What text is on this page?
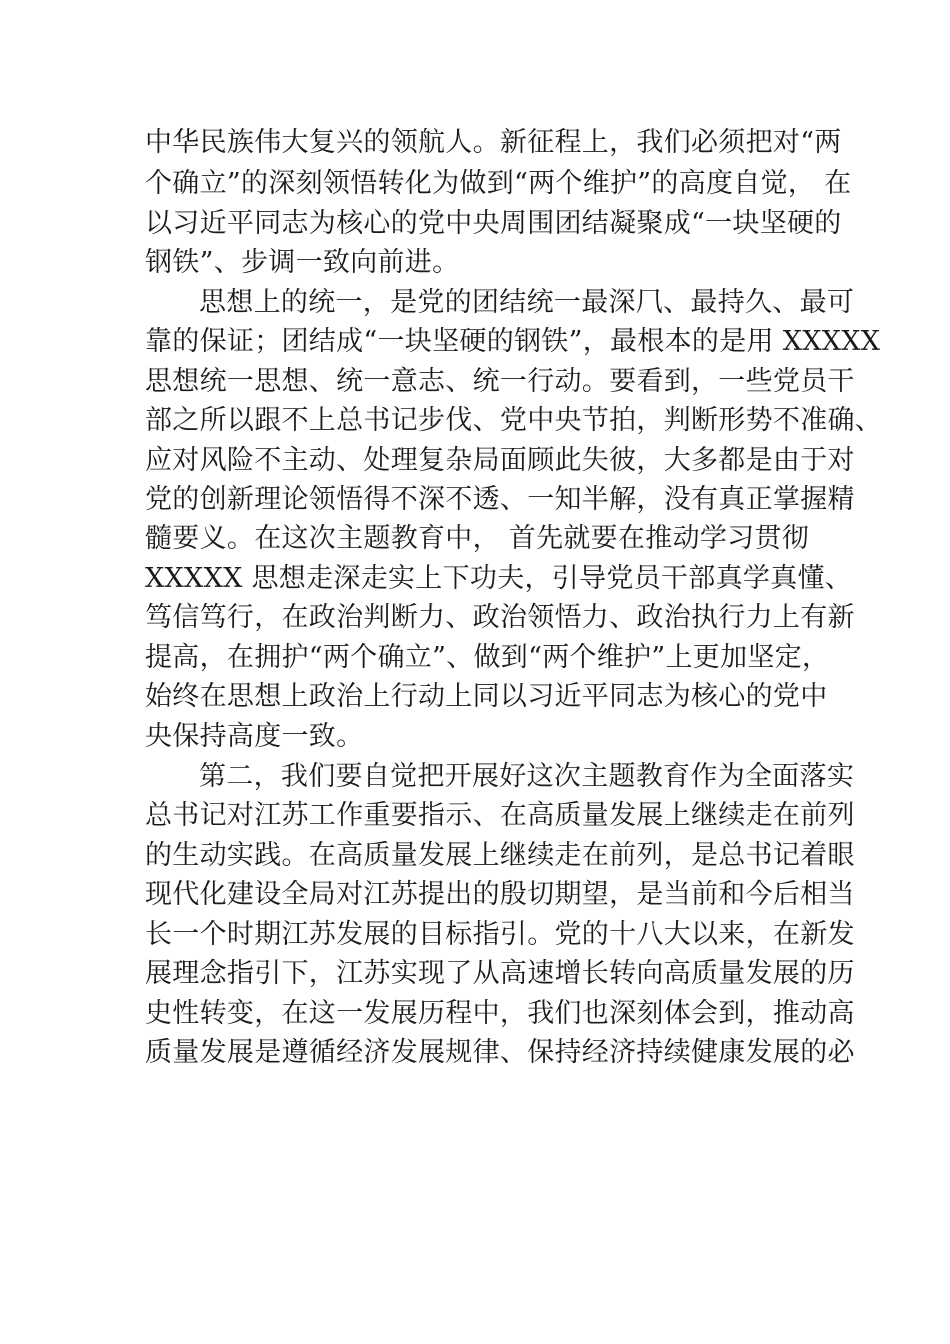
中华民族伟大复兴的领航人。新征程上，我们必须把对“两
个确立”的深刻领悟转化为做到“两个维护”的高度自觉， 在
以习近平同志为核心的党中央周围团结凝聚成“一块坚硬的
钢铁”、步调一致向前进。
思想上的统一，是党的团结统一最深⺇、最持久、最可
靠的保证；团结成“一块坚硬的钢铁”，最根本的是用 XXXXX
思想统一思想、统一意志、统一行动。要看到，一些党员干
部之所以跟不上总书记步伐、党中央节拍，判断形势不准确、
应对风险不主动、处理复杂局面顾此失彼，大多都是由于对
党的创新理论领悟得不深不透、一知半解，没有真正掌握精
髓要义。在这次主题教育中， 首先就要在推动学习贯彻
XXXXX 思想走深走实上下功夫，引导党员干部真学真懂、
笃信笃行，在政治判断力、政治领悟力、政治执行力上有新
提高，在拥护“两个确立”、做到“两个维护”上更加坚定，
始终在思想上政治上行动上同以习近平同志为核心的党中
央保持高度一致。
第二，我们要自觉把开展好这次主题教育作为全面落实
总书记对江苏工作重要指示、在高质量发展上继续走在前列
的生动实践。在高质量发展上继续走在前列，是总书记着眼
现代化建设全局对江苏提出的殷切期望，是当前和今后相当
长一个时期江苏发展的目标指引。党的十八大以来，在新发
展理念指引下，江苏实现了从高速增长转向高质量发展的历
史性转变，在这一发展历程中，我们也深刻体会到，推动高
质量发展是遵循经济发展规律、保持经济持续健康发展的必
